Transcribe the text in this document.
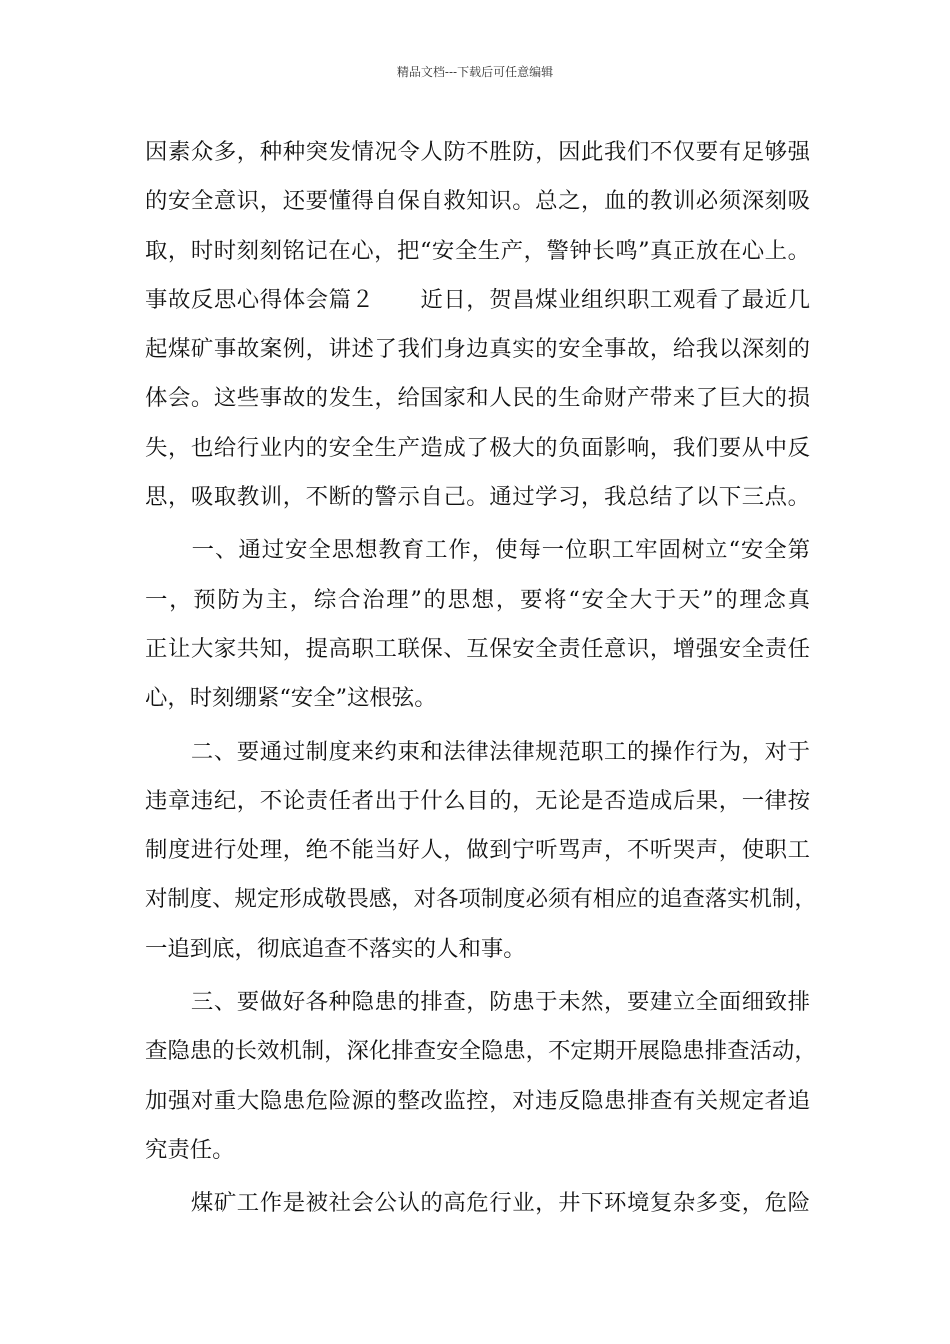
精品文档---下载后可任意编辑
因素众多，种种突发情况令人防不胜防，因此我们不仅要有足够强
的安全意识，还要懂得自保自救知识。总之，血的教训必须深刻吸
取，时时刻刻铭记在心，把“安全生产，警钟长鸣”真正放在心上。
事故反思心得体会篇２　　近日，贺昌煤业组织职工观看了最近几
起煤矿事故案例，讲述了我们身边真实的安全事故，给我以深刻的
体会。这些事故的发生，给国家和人民的生命财产带来了巨大的损
失，也给行业内的安全生产造成了极大的负面影响，我们要从中反
思，吸取教训，不断的警示自己。通过学习，我总结了以下三点。
　　一、通过安全思想教育工作，使每一位职工牢固树立“安全第
一，预防为主，综合治理”的思想，要将“安全大于天”的理念真
正让大家共知，提高职工联保、互保安全责任意识，增强安全责任
心，时刻绷紧“安全”这根弦。
　　二、要通过制度来约束和法律法律规范职工的操作行为，对于
违章违纪，不论责任者出于什么目的，无论是否造成后果，一律按
制度进行处理，绝不能当好人，做到宁听骂声，不听哭声，使职工
对制度、规定形成敬畏感，对各项制度必须有相应的追查落实机制，
一追到底，彻底追查不落实的人和事。
　　三、要做好各种隐患的排查，防患于未然，要建立全面细致排
查隐患的长效机制，深化排查安全隐患，不定期开展隐患排查活动，
加强对重大隐患危险源的整改监控，对违反隐患排查有关规定者追
究责任。
　　煤矿工作是被社会公认的高危行业，井下环境复杂多变，危险
